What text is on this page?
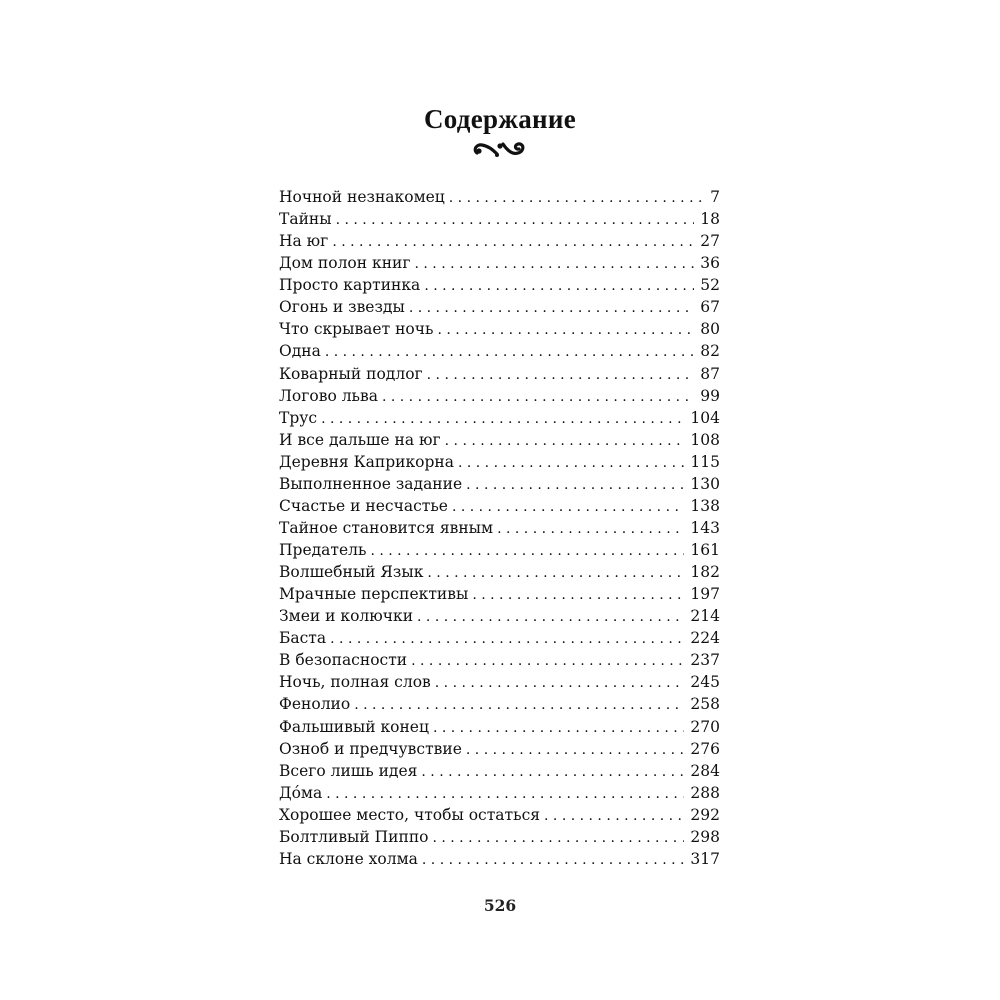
Содержание
Ночной незнакомец . . .	7
Тайны . . .	18
На юг . . .	27
Дом полон книг . . .	36
Просто картинка . . .	52
Огонь и звезды . . .	67
Что скрывает ночь . . .	80
Одна . . .	82
Коварный подлог . . .	87
Логово льва . . .	99
Трус . . .	104
И все дальше на юг . . .	108
Деревня Каприкорна . . .	115
Выполненное задание . . .	130
Счастье и несчастье . . .	138
Тайное становится явным . . .	143
Предатель . . .	161
Волшебный Язык . . .	182
Мрачные перспективы . . .	197
Змеи и колючки . . .	214
Баста . . .	224
В безопасности . . .	237
Ночь, полная слов . . .	245
Фенолио . . .	258
Фальшивый конец . . .	270
Озноб и предчувствие . . .	276
Всего лишь идея . . .	284
До́ма . . .	288
Хорошее место, чтобы остаться . . .	292
Болтливый Пиппо . . .	298
На склоне холма . . .	317
526
